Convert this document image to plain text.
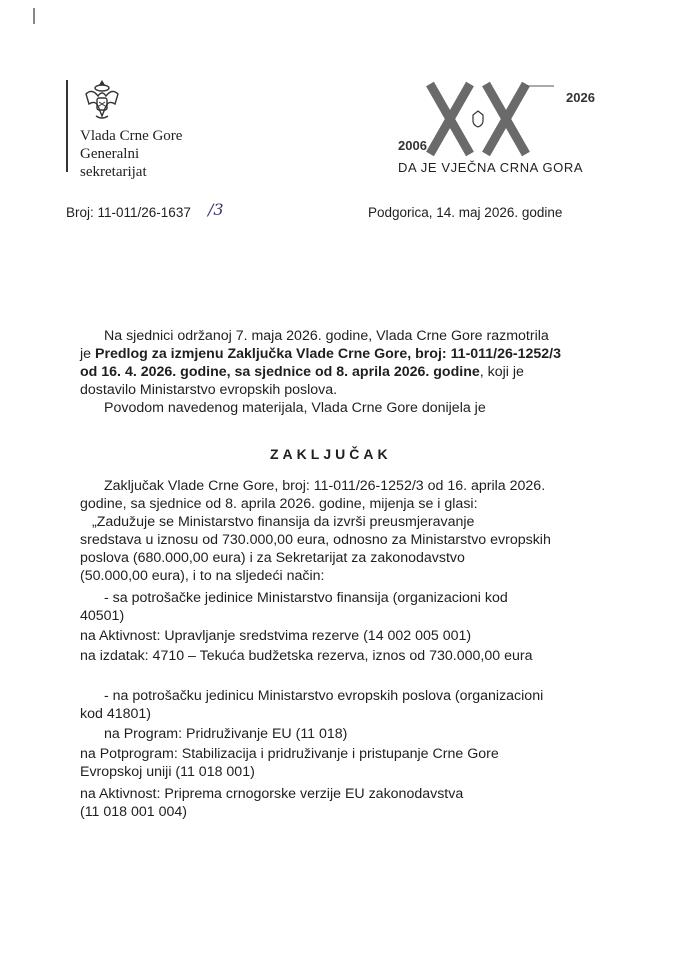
Vlada Crne Gore
Generalni
sekretarijat
2026
2006
DA JE VJEČNA CRNA GORA
Broj: 11-011/26-1637 /3	Podgorica, 14. maj 2026. godine

Na sjednici održanoj 7. maja 2026. godine, Vlada Crne Gore razmotrila

je Predlog za izmjenu Zaključka Vlade Crne Gore, broj: 11-011/26-1252/3

od 16. 4. 2026. godine, sa sjednice od 8. aprila 2026. godine, koji je

dostavilo Ministarstvo evropskih poslova.

Povodom navedenog materijala, Vlada Crne Gore donijela je

ZAKLJUČAK

Zaključak Vlade Crne Gore, broj: 11-011/26-1252/3 od 16. aprila 2026.

godine, sa sjednice od 8. aprila 2026. godine, mijenja se i glasi:

„Zadužuje se Ministarstvo finansija da izvrši preusmjeravanje

sredstava u iznosu od 730.000,00 eura, odnosno za Ministarstvo evropskih

poslova (680.000,00 eura) i za Sekretarijat za zakonodavstvo

(50.000,00 eura), i to na sljedeći način:

- sa potrošačke jedinice Ministarstvo finansija (organizacioni kod

40501)

na Aktivnost: Upravljanje sredstvima rezerve (14 002 005 001)

na izdatak: 4710 – Tekuća budžetska rezerva, iznos od 730.000,00 eura

- na potrošačku jedinicu Ministarstvo evropskih poslova (organizacioni

kod 41801)

na Program: Pridruživanje EU (11 018)

na Potprogram: Stabilizacija i pridruživanje i pristupanje Crne Gore

Evropskoj uniji (11 018 001)

na Aktivnost: Priprema crnogorske verzije EU zakonodavstva

(11 018 001 004)
